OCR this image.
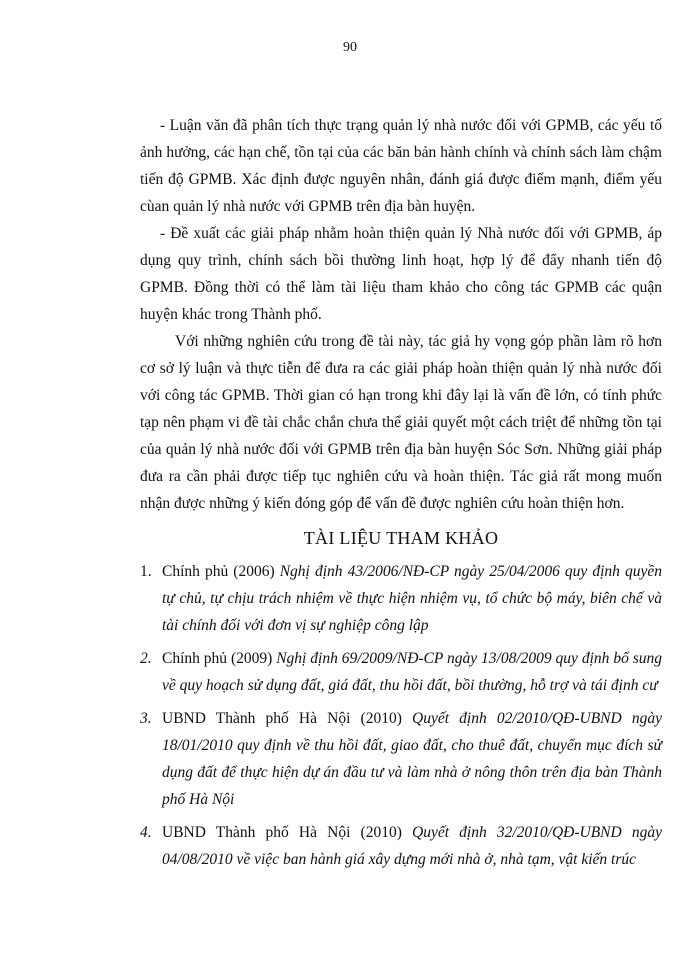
90

- Luận văn đã phân tích thực trạng quản lý nhà nước đối với GPMB, các yếu tố ảnh hưởng, các hạn chế, tồn tại của các băn bản hành chính và chính sách làm chậm tiến độ GPMB. Xác định được nguyên nhân, đánh giá được điểm mạnh, điểm yếu cùan quản lý nhà nước với GPMB trên địa bàn huyện.

- Đề xuất các giải pháp nhằm hoàn thiện quản lý Nhà nước đối với GPMB, áp dụng quy trình, chính sách bồi thường linh hoạt, hợp lý để đẩy nhanh tiến độ GPMB. Đồng thời có thể làm tài liệu tham khảo cho công tác GPMB các quận huyện khác trong Thành phố.

Với những nghiên cứu trong đề tài này, tác giả hy vọng góp phần làm rõ hơn cơ sở lý luận và thực tiễn để đưa ra các giải pháp hoàn thiện quản lý nhà nước đối với công tác GPMB. Thời gian có hạn trong khi đây lại là vấn đề lớn, có tính phức tạp nên phạm vi đề tài chắc chắn chưa thể giải quyết một cách triệt để những tồn tại của quản lý nhà nước đối với GPMB trên địa bàn huyện Sóc Sơn. Những giải pháp đưa ra cần phải được tiếp tục nghiên cứu và hoàn thiện. Tác giả rất mong muốn nhận được những ý kiến đóng góp để vấn đề được nghiên cứu hoàn thiện hơn.

TÀI LIỆU THAM KHẢO
1. Chính phủ (2006) Nghị định 43/2006/NĐ-CP ngày 25/04/2006 quy định quyền tự chủ, tự chịu trách nhiệm về thực hiện nhiệm vụ, tổ chức bộ máy, biên chế và tài chính đối với đơn vị sự nghiệp công lập
2. Chính phủ (2009) Nghị định 69/2009/NĐ-CP ngày 13/08/2009 quy định bổ sung về quy hoạch sử dụng đất, giá đất, thu hồi đất, bồi thường, hỗ trợ và tái định cư
3. UBND Thành phố Hà Nội (2010) Quyết định 02/2010/QĐ-UBND ngày 18/01/2010 quy định về thu hồi đất, giao đất, cho thuê đất, chuyển mục đích sử dụng đất để thực hiện dự án đầu tư và làm nhà ở nông thôn trên địa bàn Thành phố Hà Nội
4. UBND Thành phố Hà Nội (2010) Quyết định 32/2010/QĐ-UBND ngày 04/08/2010 về việc ban hành giá xây dựng mới nhà ở, nhà tạm, vật kiến trúc
